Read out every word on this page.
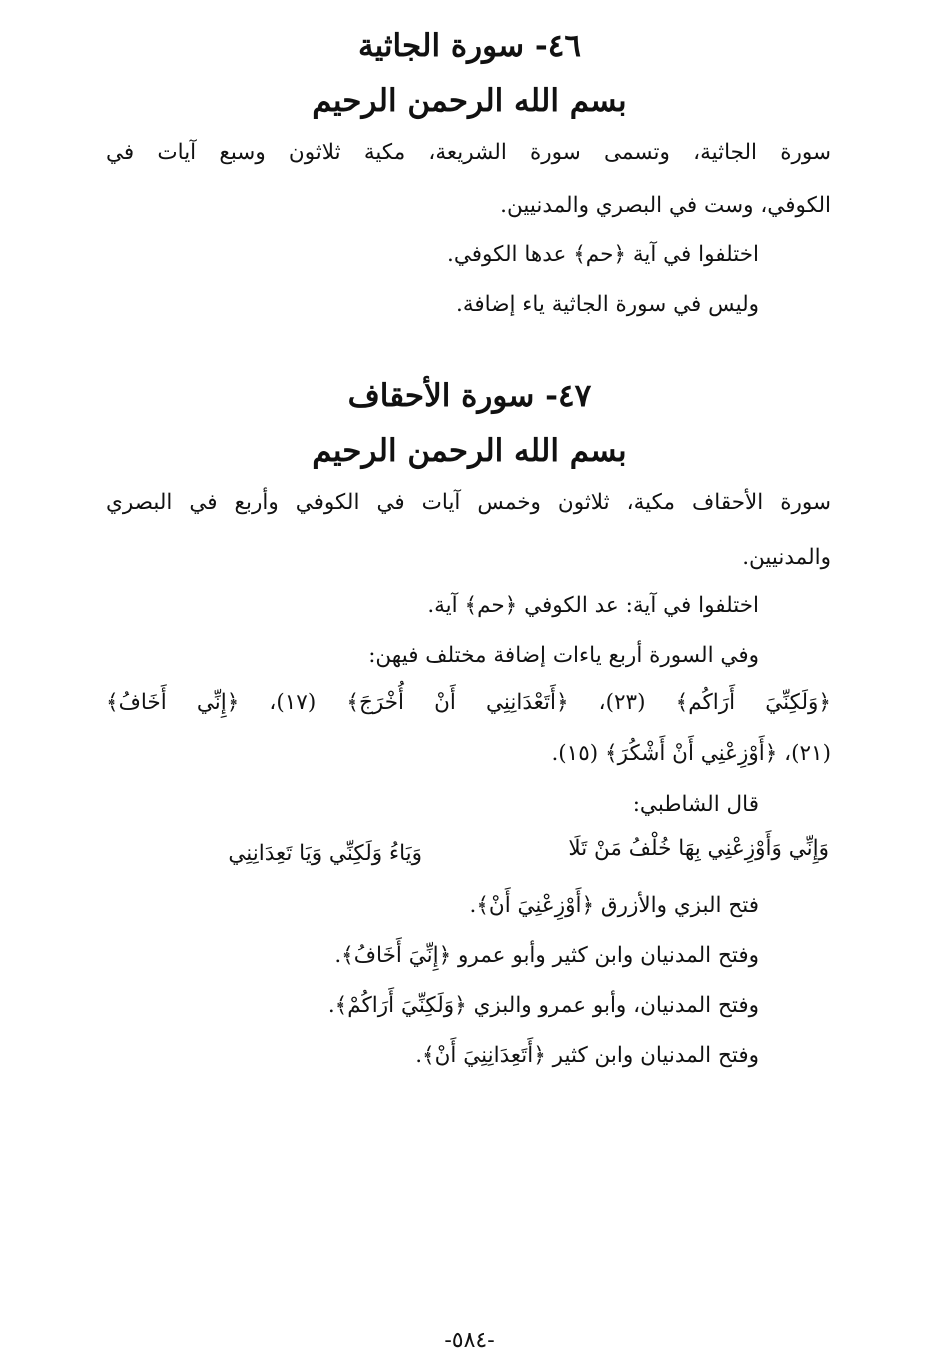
٤٦- سورة الجاثية
بسم الله الرحمن الرحيم
سورة الجاثية، وتسمى سورة الشريعة، مكية ثلاثون وسبع آيات في
الكوفي، وست في البصري والمدنيين.
اختلفوا في آية ﴿حم﴾ عدها الكوفي.
وليس في سورة الجاثية ياء إضافة.
٤٧- سورة الأحقاف
بسم الله الرحمن الرحيم
سورة الأحقاف مكية، ثلاثون وخمس آيات في الكوفي وأربع في البصري
والمدنيين.
اختلفوا في آية: عد الكوفي ﴿حم﴾ آية.
وفي السورة أربع ياءات إضافة مختلف فيهن:
﴿وَلَكِنِّيَ أَرَاكُم﴾ (٢٣)، ﴿أَتَعْدَانِنِي أَنْ أُخْرَجَ﴾ (١٧)، ﴿إِنِّي أَخَافُ﴾
(٢١)، ﴿أَوْزِعْنِي أَنْ أَشْكُرَ﴾ (١٥).
قال الشاطبي:
وَإِنِّي وَأَوْزِعْنِي بِهَا خُلْفُ مَنْ تَلَا
وَيَاءُ وَلَكِنِّي وَيَا تَعِدَانِنِي
فتح البزي والأزرق ﴿أَوْزِعْنِيَ أَنْ﴾.
وفتح المدنيان وابن كثير وأبو عمرو ﴿إِنِّيَ أَخَافُ﴾.
وفتح المدنيان، وأبو عمرو والبزي ﴿وَلَكِنِّيَ أَرَاكُمْ﴾.
وفتح المدنيان وابن كثير ﴿أَتَعِدَانِنِيَ أَنْ﴾.
-٥٨٤-
